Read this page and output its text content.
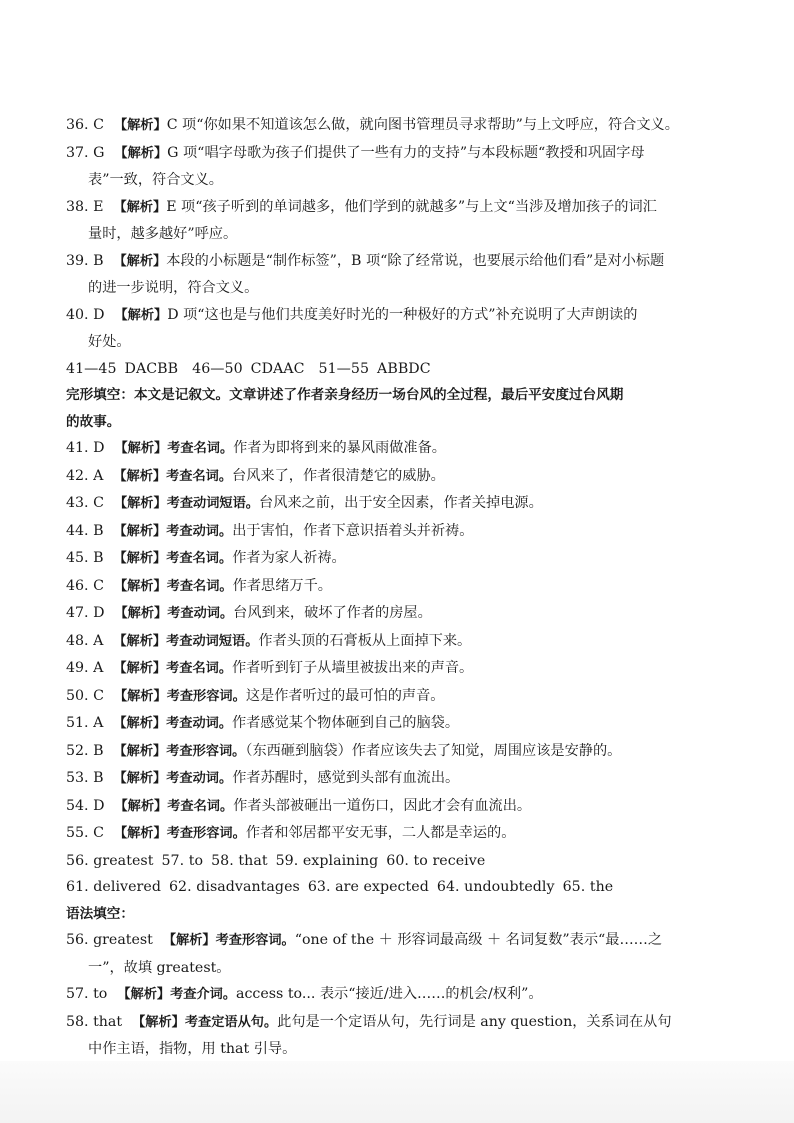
36. C 【解析】C 项“你如果不知道该怎么做，就向图书管理员寻求帮助”与上文呼应，符合文义。
37. G 【解析】G 项“唱字母歌为孩子们提供了一些有力的支持”与本段标题“教授和巩固字母
表”一致，符合文义。
38. E 【解析】E 项“孩子听到的单词越多，他们学到的就越多”与上文“当涉及增加孩子的词汇
量时，越多越好”呼应。
39. B 【解析】本段的小标题是“制作标签”，B 项“除了经常说，也要展示给他们看”是对小标题
的进一步说明，符合文义。
40. D 【解析】D 项“这也是与他们共度美好时光的一种极好的方式”补充说明了大声朗读的
好处。
41—45 DACBB 46—50 CDAAC 51—55 ABBDC
完形填空：本文是记叙文。文章讲述了作者亲身经历一场台风的全过程，最后平安度过台风期
的故事。
41. D 【解析】考查名词。作者为即将到来的暴风雨做准备。
42. A 【解析】考查名词。台风来了，作者很清楚它的威胁。
43. C 【解析】考查动词短语。台风来之前，出于安全因素，作者关掉电源。
44. B 【解析】考查动词。出于害怕，作者下意识捂着头并祈祷。
45. B 【解析】考查名词。作者为家人祈祷。
46. C 【解析】考查名词。作者思绪万千。
47. D 【解析】考查动词。台风到来，破坏了作者的房屋。
48. A 【解析】考查动词短语。作者头顶的石膏板从上面掉下来。
49. A 【解析】考查名词。作者听到钉子从墙里被拔出来的声音。
50. C 【解析】考查形容词。这是作者听过的最可怕的声音。
51. A 【解析】考查动词。作者感觉某个物体砸到自己的脑袋。
52. B 【解析】考查形容词。（东西砸到脑袋）作者应该失去了知觉，周围应该是安静的。
53. B 【解析】考查动词。作者苏醒时，感觉到头部有血流出。
54. D 【解析】考查名词。作者头部被砸出一道伤口，因此才会有血流出。
55. C 【解析】考查形容词。作者和邻居都平安无事，二人都是幸运的。
56. greatest 57. to 58. that 59. explaining 60. to receive
61. delivered 62. disadvantages 63. are expected 64. undoubtedly 65. the
语法填空：
56. greatest 【解析】考查形容词。“one of the ＋ 形容词最高级 ＋ 名词复数”表示“最……之
一”，故填 greatest。
57. to 【解析】考查介词。access to... 表示“接近/进入……的机会/权利”。
58. that 【解析】考查定语从句。此句是一个定语从句，先行词是 any question，关系词在从句
中作主语，指物，用 that 引导。
